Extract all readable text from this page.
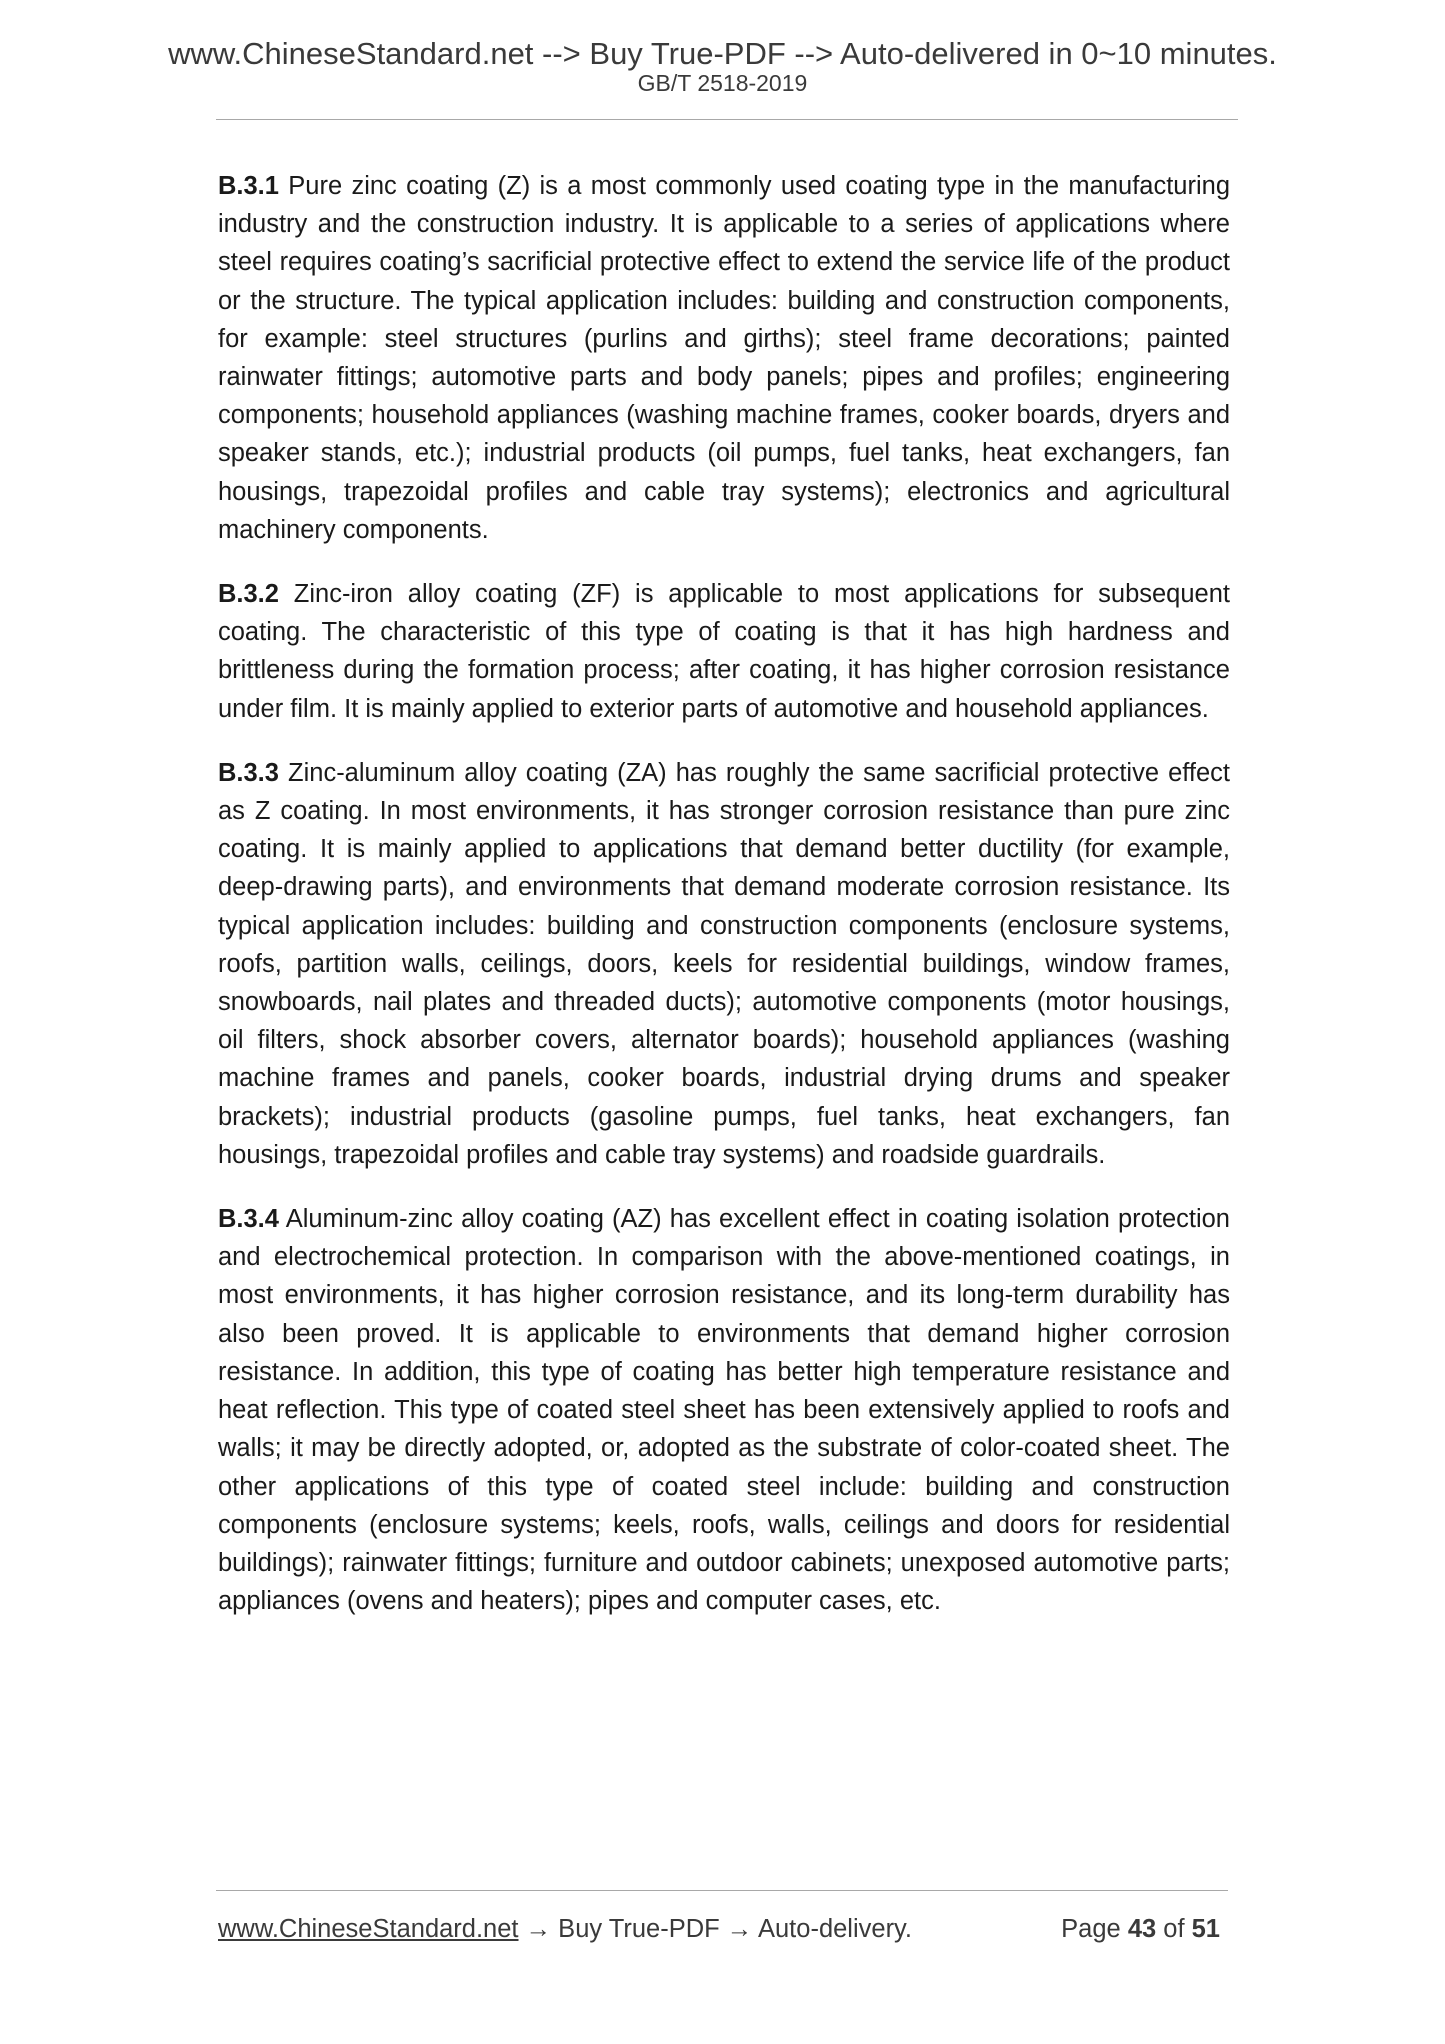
www.ChineseStandard.net --> Buy True-PDF --> Auto-delivered in 0~10 minutes.
GB/T 2518-2019

B.3.1 Pure zinc coating (Z) is a most commonly used coating type in the manufacturing industry and the construction industry. It is applicable to a series of applications where steel requires coating’s sacrificial protective effect to extend the service life of the product or the structure. The typical application includes: building and construction components, for example: steel structures (purlins and girths); steel frame decorations; painted rainwater fittings; automotive parts and body panels; pipes and profiles; engineering components; household appliances (washing machine frames, cooker boards, dryers and speaker stands, etc.); industrial products (oil pumps, fuel tanks, heat exchangers, fan housings, trapezoidal profiles and cable tray systems); electronics and agricultural machinery components.

B.3.2 Zinc-iron alloy coating (ZF) is applicable to most applications for subsequent coating. The characteristic of this type of coating is that it has high hardness and brittleness during the formation process; after coating, it has higher corrosion resistance under film. It is mainly applied to exterior parts of automotive and household appliances.

B.3.3 Zinc-aluminum alloy coating (ZA) has roughly the same sacrificial protective effect as Z coating. In most environments, it has stronger corrosion resistance than pure zinc coating. It is mainly applied to applications that demand better ductility (for example, deep-drawing parts), and environments that demand moderate corrosion resistance. Its typical application includes: building and construction components (enclosure systems, roofs, partition walls, ceilings, doors, keels for residential buildings, window frames, snowboards, nail plates and threaded ducts); automotive components (motor housings, oil filters, shock absorber covers, alternator boards); household appliances (washing machine frames and panels, cooker boards, industrial drying drums and speaker brackets); industrial products (gasoline pumps, fuel tanks, heat exchangers, fan housings, trapezoidal profiles and cable tray systems) and roadside guardrails.

B.3.4 Aluminum-zinc alloy coating (AZ) has excellent effect in coating isolation protection and electrochemical protection. In comparison with the above-mentioned coatings, in most environments, it has higher corrosion resistance, and its long-term durability has also been proved. It is applicable to environments that demand higher corrosion resistance. In addition, this type of coating has better high temperature resistance and heat reflection. This type of coated steel sheet has been extensively applied to roofs and walls; it may be directly adopted, or, adopted as the substrate of color-coated sheet. The other applications of this type of coated steel include: building and construction components (enclosure systems; keels, roofs, walls, ceilings and doors for residential buildings); rainwater fittings; furniture and outdoor cabinets; unexposed automotive parts; appliances (ovens and heaters); pipes and computer cases, etc.

www.ChineseStandard.net → Buy True-PDF → Auto-delivery.	Page 43 of 51
